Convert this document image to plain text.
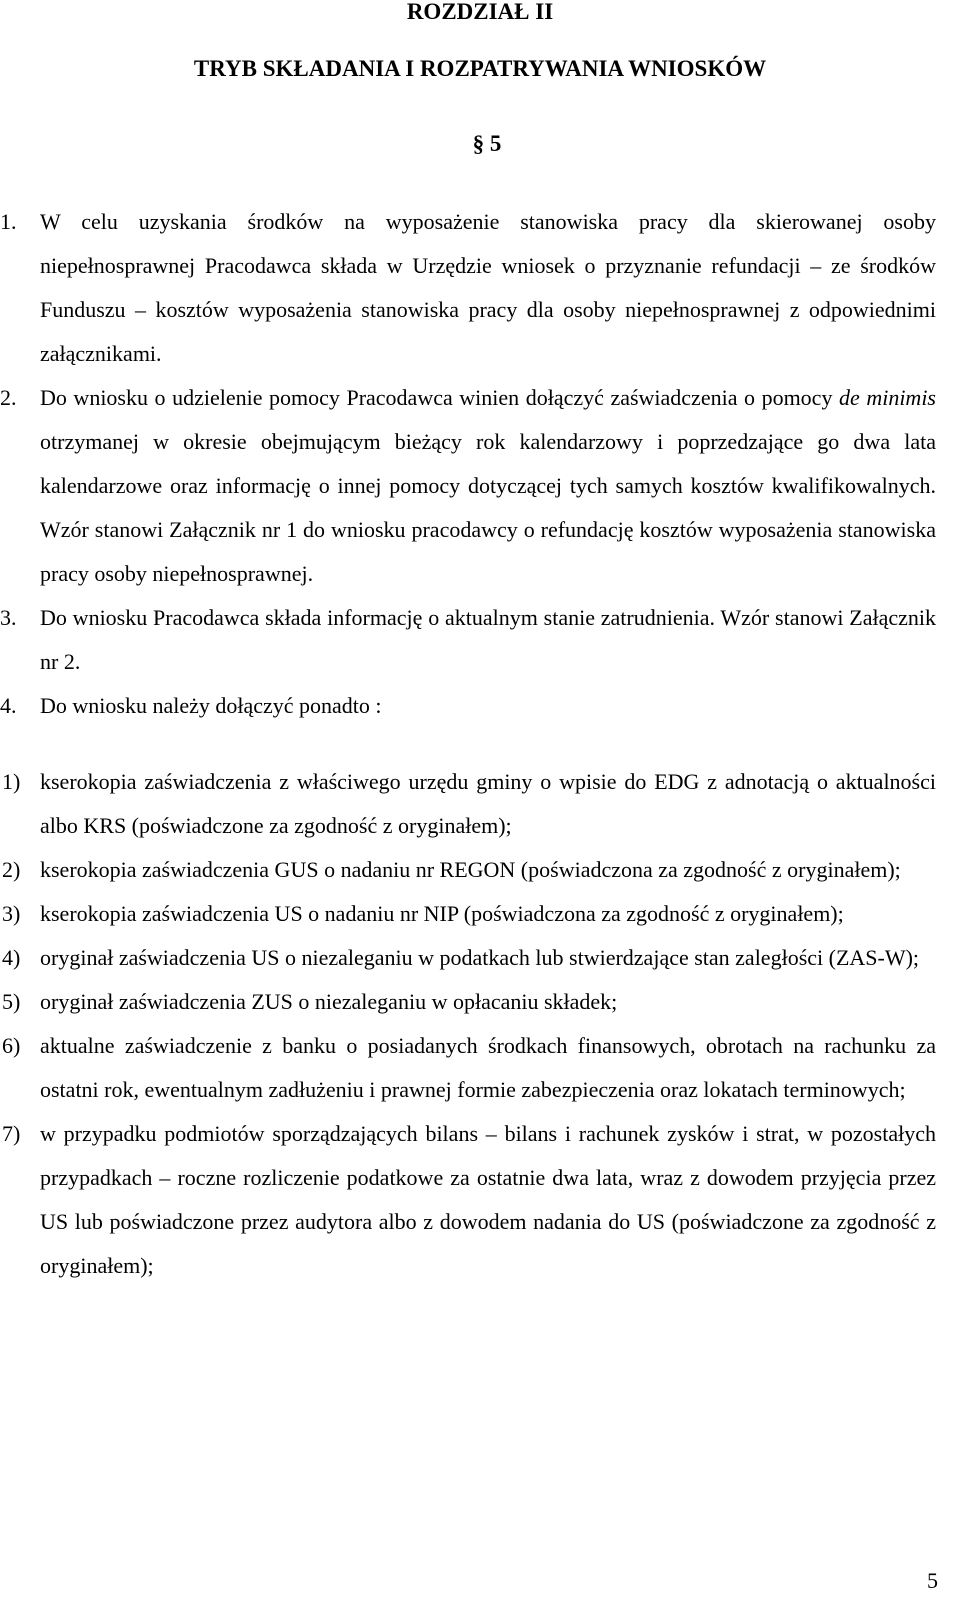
ROZDZIAŁ II
TRYB SKŁADANIA I ROZPATRYWANIA WNIOSKÓW
§ 5
1.	W celu uzyskania środków na wyposażenie stanowiska pracy dla skierowanej osoby niepełnosprawnej Pracodawca składa w Urzędzie wniosek o przyznanie refundacji – ze środków Funduszu – kosztów wyposażenia stanowiska pracy dla osoby niepełnosprawnej z odpowiednimi załącznikami.
2.	Do wniosku o udzielenie pomocy Pracodawca winien dołączyć zaświadczenia o pomocy de minimis otrzymanej w okresie obejmującym bieżący rok kalendarzowy i poprzedzające go dwa lata kalendarzowe oraz informację o innej pomocy dotyczącej tych samych kosztów kwalifikowalnych. Wzór stanowi Załącznik nr 1 do wniosku pracodawcy o refundację kosztów wyposażenia stanowiska pracy osoby niepełnosprawnej.
3.	Do wniosku Pracodawca składa informację o aktualnym stanie zatrudnienia. Wzór stanowi Załącznik nr 2.
4.	Do wniosku należy dołączyć ponadto :
1) kserokopia zaświadczenia z właściwego urzędu gminy o wpisie do EDG z adnotacją o aktualności albo KRS (poświadczone za zgodność z oryginałem);
2) kserokopia zaświadczenia GUS o nadaniu nr REGON (poświadczona za zgodność z oryginałem);
3) kserokopia zaświadczenia US o nadaniu nr NIP (poświadczona za zgodność z oryginałem);
4) oryginał zaświadczenia US o niezaleganiu w podatkach lub stwierdzające stan zaległości (ZAS-W);
5) oryginał zaświadczenia ZUS o niezaleganiu w opłacaniu składek;
6) aktualne zaświadczenie z banku o posiadanych środkach finansowych, obrotach na rachunku za ostatni rok, ewentualnym zadłużeniu i prawnej formie zabezpieczenia oraz lokatach terminowych;
7) w przypadku podmiotów sporządzających bilans – bilans i rachunek zysków i strat, w pozostałych przypadkach – roczne rozliczenie podatkowe za ostatnie dwa lata, wraz z dowodem przyjęcia przez US lub poświadczone przez audytora albo z dowodem nadania do US (poświadczone za zgodność z oryginałem);
5
